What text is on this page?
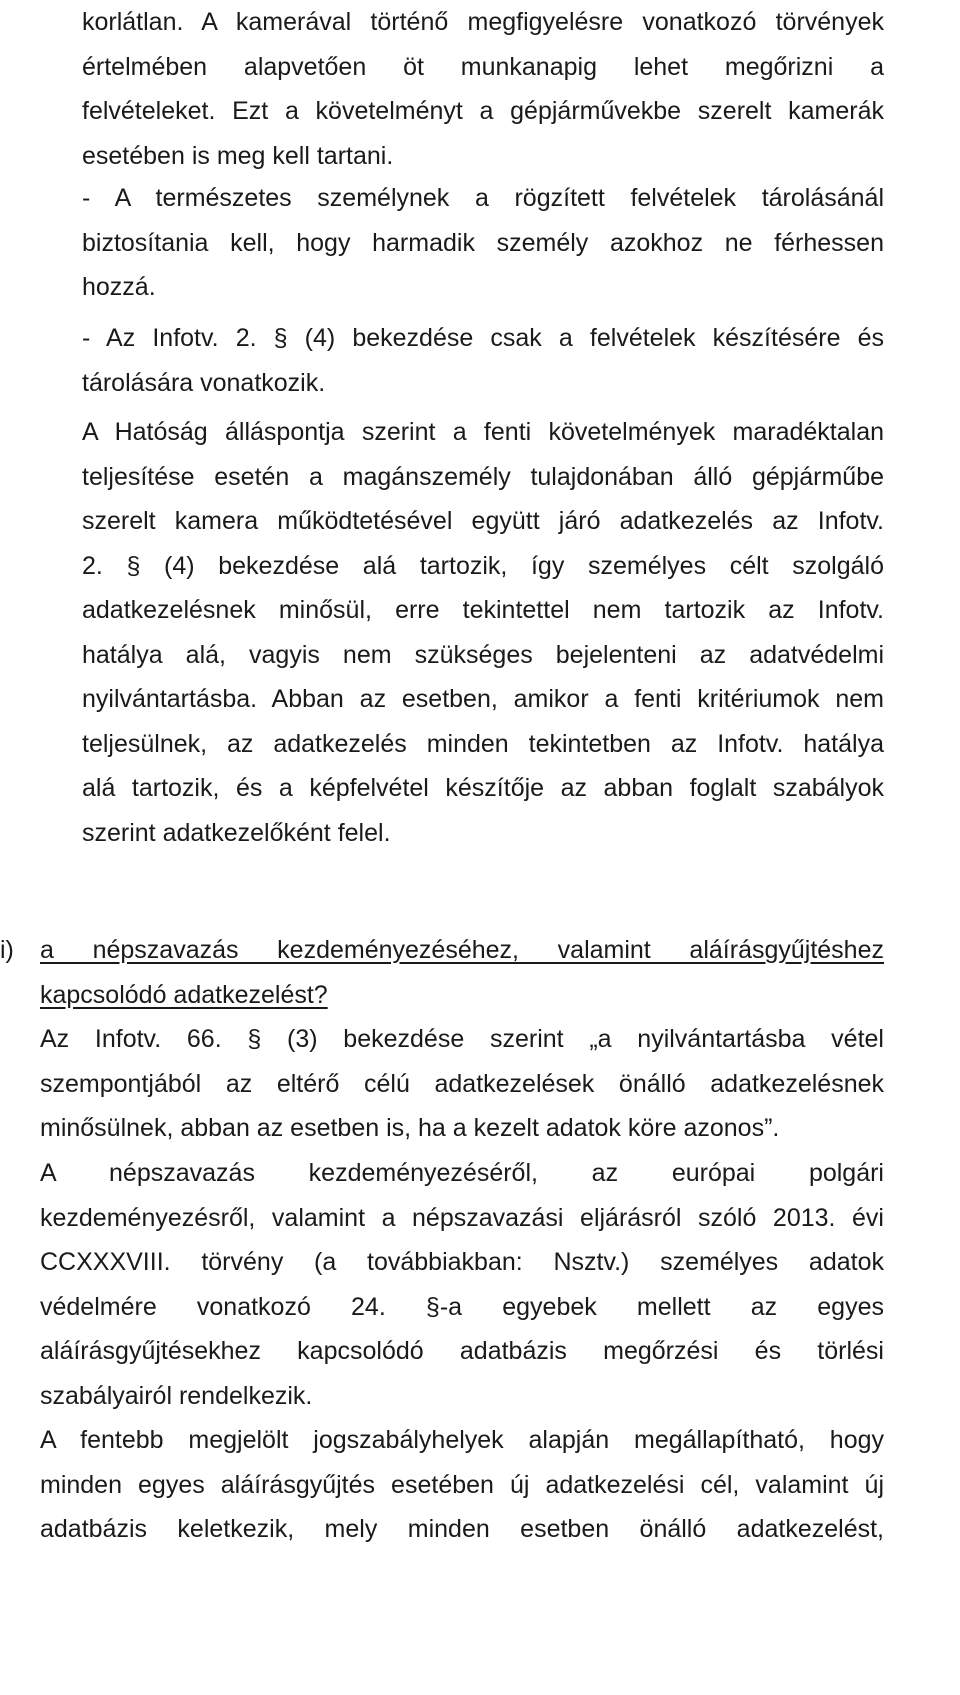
korlátlan. A kamerával történő megfigyelésre vonatkozó törvények
értelmében alapvetően öt munkanapig lehet megőrizni a
felvételeket. Ezt a követelményt a gépjárművekbe szerelt kamerák
esetében is meg kell tartani.
- A természetes személynek a rögzített felvételek tárolásánál
biztosítania kell, hogy harmadik személy azokhoz ne férhessen
hozzá.
- Az Infotv. 2. § (4) bekezdése csak a felvételek készítésére és
tárolására vonatkozik.
A Hatóság álláspontja szerint a fenti követelmények maradéktalan
teljesítése esetén a magánszemély tulajdonában álló gépjárműbe
szerelt kamera működtetésével együtt járó adatkezelés az Infotv.
2. § (4) bekezdése alá tartozik, így személyes célt szolgáló
adatkezelésnek minősül, erre tekintettel nem tartozik az Infotv.
hatálya alá, vagyis nem szükséges bejelenteni az adatvédelmi
nyilvántartásba. Abban az esetben, amikor a fenti kritériumok nem
teljesülnek, az adatkezelés minden tekintetben az Infotv. hatálya
alá tartozik, és a képfelvétel készítője az abban foglalt szabályok
szerint adatkezelőként felel.
i) a népszavazás kezdeményezéséhez, valamint aláírásgyűjtéshez
kapcsolódó adatkezelést?
Az Infotv. 66. § (3) bekezdése szerint „a nyilvántartásba vétel
szempontjából az eltérő célú adatkezelések önálló adatkezelésnek
minősülnek, abban az esetben is, ha a kezelt adatok köre azonos”.
A népszavazás kezdeményezéséről, az európai polgári
kezdeményezésről, valamint a népszavazási eljárásról szóló 2013. évi
CCXXXVIII. törvény (a továbbiakban: Nsztv.) személyes adatok
védelmére vonatkozó 24. §-a egyebek mellett az egyes
aláírásgyűjtésekhez kapcsolódó adatbázis megőrzési és törlési
szabályairól rendelkezik.
A fentebb megjelölt jogszabályhelyek alapján megállapítható, hogy
minden egyes aláírásgyűjtés esetében új adatkezelési cél, valamint új
adatbázis keletkezik, mely minden esetben önálló adatkezelést,
